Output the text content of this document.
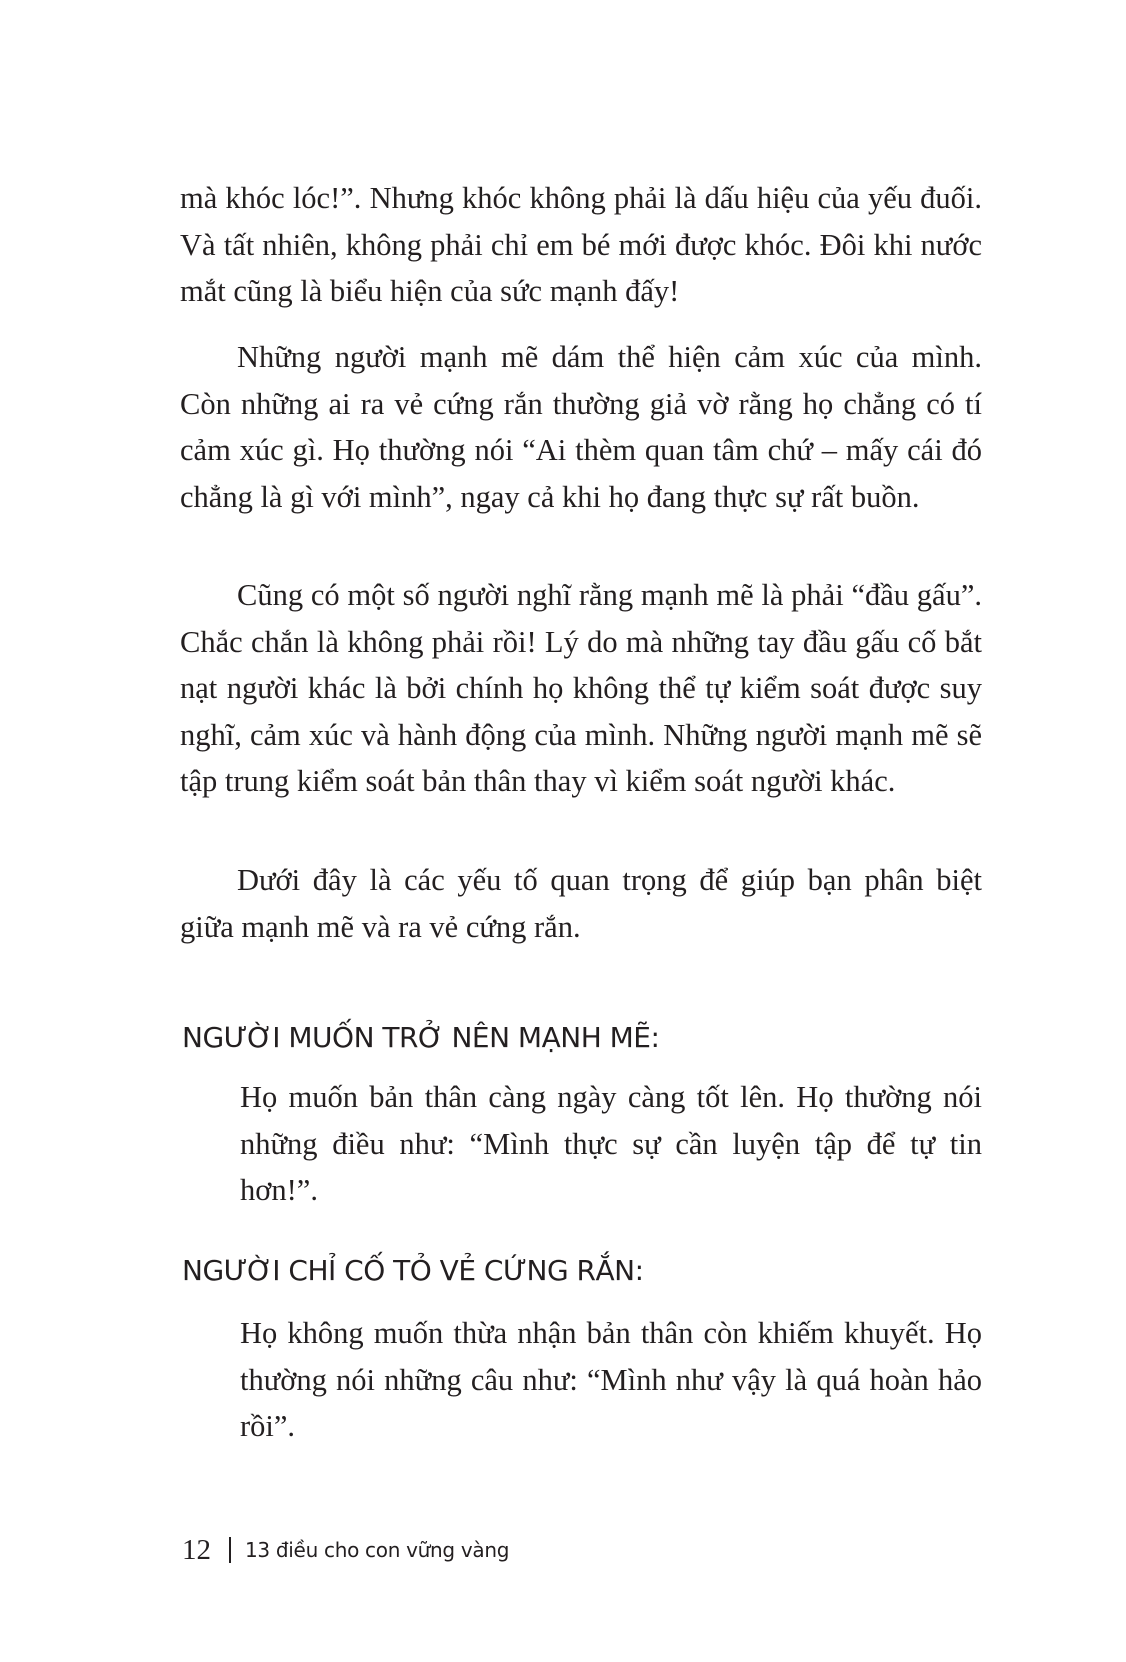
mà khóc lóc!”. Nhưng khóc không phải là dấu hiệu của yếu đuối. Và tất nhiên, không phải chỉ em bé mới được khóc. Đôi khi nước mắt cũng là biểu hiện của sức mạnh đấy!

Những người mạnh mẽ dám thể hiện cảm xúc của mình. Còn những ai ra vẻ cứng rắn thường giả vờ rằng họ chẳng có tí cảm xúc gì. Họ thường nói “Ai thèm quan tâm chứ – mấy cái đó chẳng là gì với mình”, ngay cả khi họ đang thực sự rất buồn.

Cũng có một số người nghĩ rằng mạnh mẽ là phải “đầu gấu”. Chắc chắn là không phải rồi! Lý do mà những tay đầu gấu cố bắt nạt người khác là bởi chính họ không thể tự kiểm soát được suy nghĩ, cảm xúc và hành động của mình. Những người mạnh mẽ sẽ tập trung kiểm soát bản thân thay vì kiểm soát người khác.

Dưới đây là các yếu tố quan trọng để giúp bạn phân biệt giữa mạnh mẽ và ra vẻ cứng rắn.

NGƯỜI MUỐN TRỞ NÊN MẠNH MẼ:

Họ muốn bản thân càng ngày càng tốt lên. Họ thường nói những điều như: “Mình thực sự cần luyện tập để tự tin hơn!”.

NGƯỜI CHỈ CỐ TỎ VẺ CỨNG RẮN:

Họ không muốn thừa nhận bản thân còn khiếm khuyết. Họ thường nói những câu như: “Mình như vậy là quá hoàn hảo rồi”.

12 13 điều cho con vững vàng
